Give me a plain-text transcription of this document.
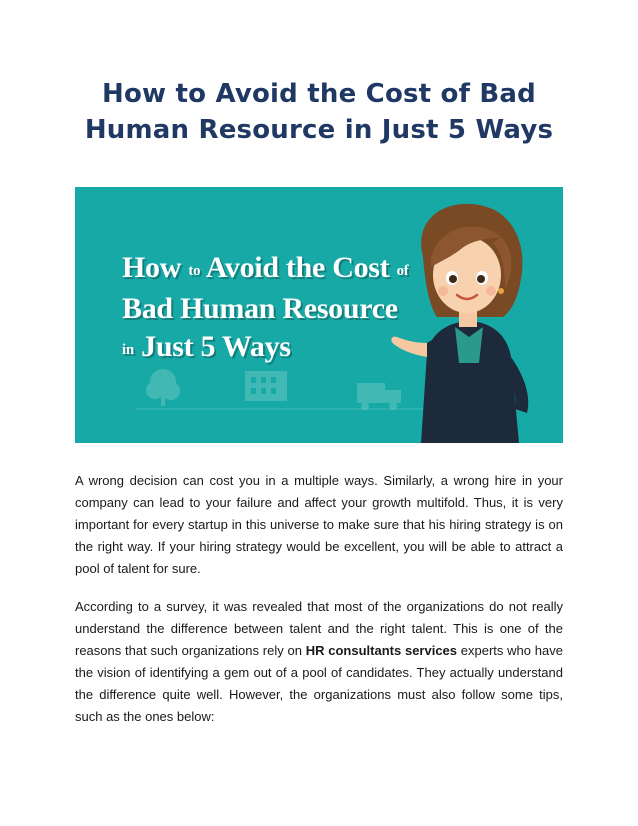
How to Avoid the Cost of Bad
Human Resource in Just 5 Ways
How to Avoid the Cost of
Bad Human Resource
in Just 5 Ways

A wrong decision can cost you in a multiple ways. Similarly, a wrong hire in your company can lead to your failure and affect your growth multifold. Thus, it is very important for every startup in this universe to make sure that his hiring strategy is on the right way. If your hiring strategy would be excellent, you will be able to attract a pool of talent for sure.

According to a survey, it was revealed that most of the organizations do not really understand the difference between talent and the right talent. This is one of the reasons that such organizations rely on HR consultants services experts who have the vision of identifying a gem out of a pool of candidates. They actually understand the difference quite well. However, the organizations must also follow some tips, such as the ones below:
